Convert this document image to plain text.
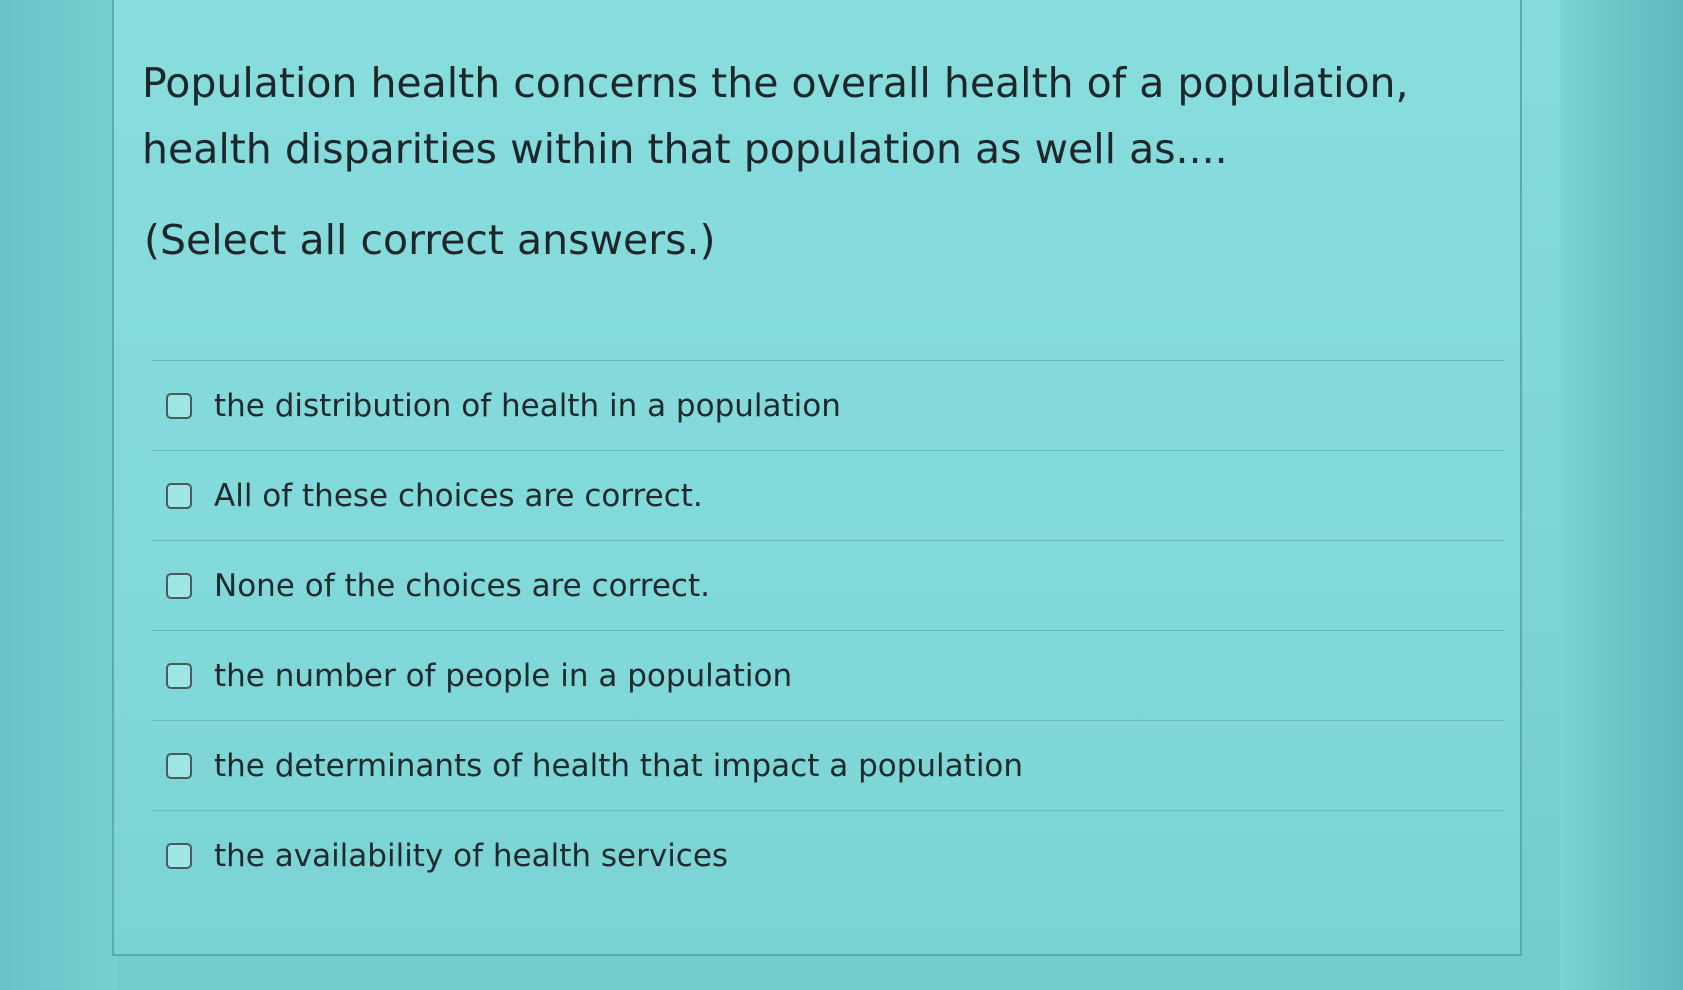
Population health concerns the overall health of a population, health disparities within that population as well as....

(Select all correct answers.)

the distribution of health in a population
All of these choices are correct.
None of the choices are correct.
the number of people in a population
the determinants of health that impact a population
the availability of health services
